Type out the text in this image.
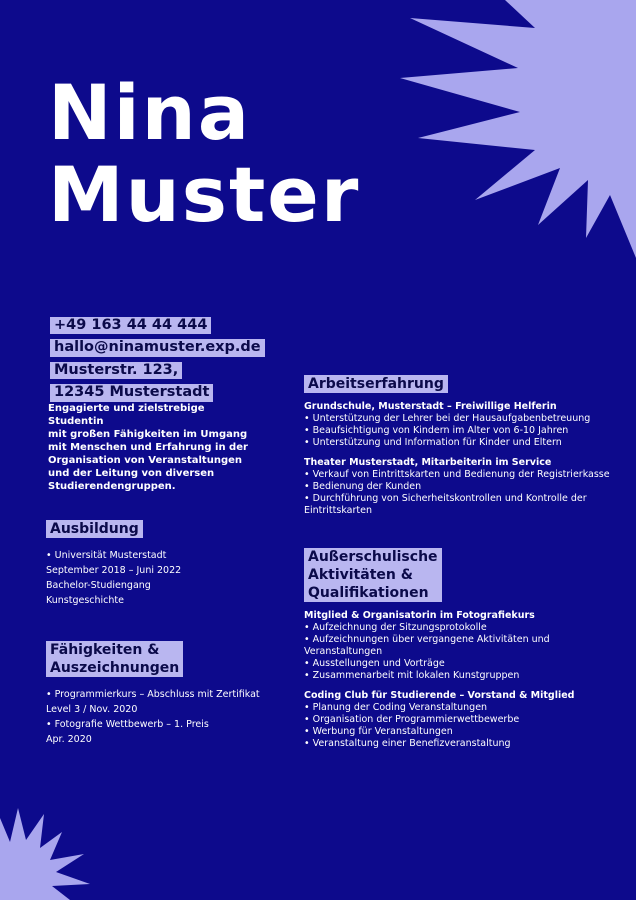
Nina
Muster
+49 163 44 44 444
hallo@ninamuster.exp.de
Musterstr. 123,
12345 Musterstadt
Engagierte und zielstrebige Studentin
mit großen Fähigkeiten im Umgang
mit Menschen und Erfahrung in der
Organisation von Veranstaltungen
und der Leitung von diversen
Studierendengruppen.
Ausbildung
• Universität Musterstadt
September 2018 – Juni 2022
Bachelor-Studiengang
Kunstgeschichte
Fähigkeiten &
Auszeichnungen
• Programmierkurs – Abschluss mit Zertifikat
Level 3 / Nov. 2020
• Fotografie Wettbewerb – 1. Preis
Apr. 2020
Arbeitserfahrung
Grundschule, Musterstadt – Freiwillige Helferin
• Unterstützung der Lehrer bei der Hausaufgabenbetreuung
• Beaufsichtigung von Kindern im Alter von 6-10 Jahren
• Unterstützung und Information für Kinder und Eltern
Theater Musterstadt, Mitarbeiterin im Service
• Verkauf von Eintrittskarten und Bedienung der Registrierkasse
• Bedienung der Kunden
• Durchführung von Sicherheitskontrollen und Kontrolle der
Eintrittskarten
Außerschulische
Aktivitäten &
Qualifikationen
Mitglied & Organisatorin im Fotografiekurs
• Aufzeichnung der Sitzungsprotokolle
• Aufzeichnungen über vergangene Aktivitäten und
Veranstaltungen
• Ausstellungen und Vorträge
• Zusammenarbeit mit lokalen Kunstgruppen
Coding Club für Studierende – Vorstand & Mitglied
• Planung der Coding Veranstaltungen
• Organisation der Programmierwettbewerbe
• Werbung für Veranstaltungen
• Veranstaltung einer Benefizveranstaltung
